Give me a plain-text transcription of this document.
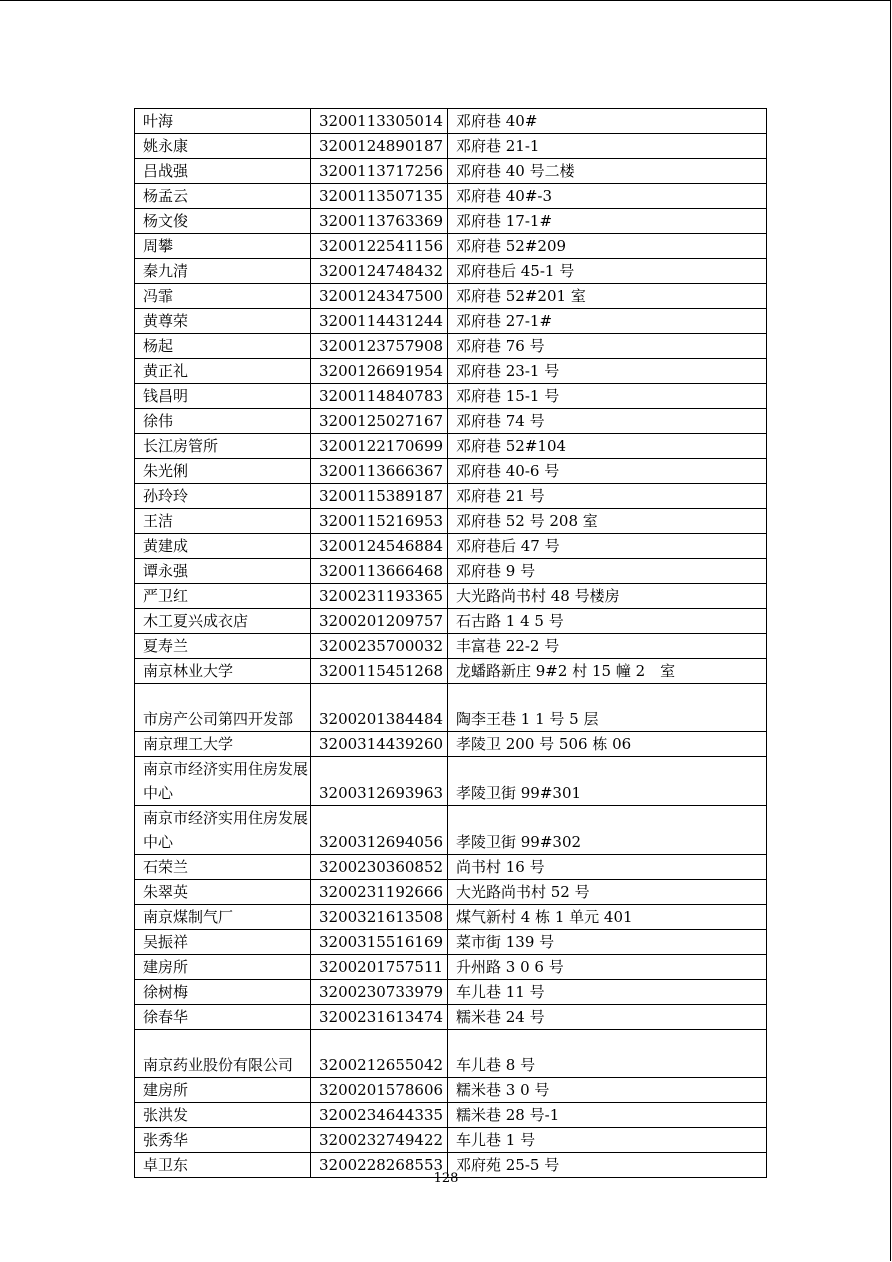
叶海	3200113305014	邓府巷 40#
姚永康	3200124890187	邓府巷 21-1
吕战强	3200113717256	邓府巷 40 号二楼
杨孟云	3200113507135	邓府巷 40#-3
杨文俊	3200113763369	邓府巷 17-1#
周攀	3200122541156	邓府巷 52#209
秦九清	3200124748432	邓府巷后 45-1 号
冯霏	3200124347500	邓府巷 52#201 室
黄尊荣	3200114431244	邓府巷 27-1#
杨起	3200123757908	邓府巷 76 号
黄正礼	3200126691954	邓府巷 23-1 号
钱昌明	3200114840783	邓府巷 15-1 号
徐伟	3200125027167	邓府巷 74 号
长江房管所	3200122170699	邓府巷 52#104
朱光俐	3200113666367	邓府巷 40-6 号
孙玲玲	3200115389187	邓府巷 21 号
王洁	3200115216953	邓府巷 52 号 208 室
黄建成	3200124546884	邓府巷后 47 号
谭永强	3200113666468	邓府巷 9 号
严卫红	3200231193365	大光路尚书村 48 号楼房
木工夏兴成衣店	3200201209757	石古路 1 4 5 号
夏寿兰	3200235700032	丰富巷 22-2 号
南京林业大学	3200115451268	龙蟠路新庄 9#2 村 15 幢 2　室
市房产公司第四开发部	3200201384484	陶李王巷 1 1 号 5 层
南京理工大学	3200314439260	孝陵卫 200 号 506 栋 06
南京市经济实用住房发展中心	3200312693963	孝陵卫街 99#301
南京市经济实用住房发展中心	3200312694056	孝陵卫街 99#302
石荣兰	3200230360852	尚书村 16 号
朱翠英	3200231192666	大光路尚书村 52 号
南京煤制气厂	3200321613508	煤气新村 4 栋 1 单元 401
吴振祥	3200315516169	菜市街 139 号
建房所	3200201757511	升州路 3 0 6 号
徐树梅	3200230733979	车儿巷 11 号
徐春华	3200231613474	糯米巷 24 号
南京药业股份有限公司	3200212655042	车儿巷 8 号
建房所	3200201578606	糯米巷 3 0 号
张洪发	3200234644335	糯米巷 28 号-1
张秀华	3200232749422	车儿巷 1 号
卓卫东	3200228268553	邓府苑 25-5 号
128
